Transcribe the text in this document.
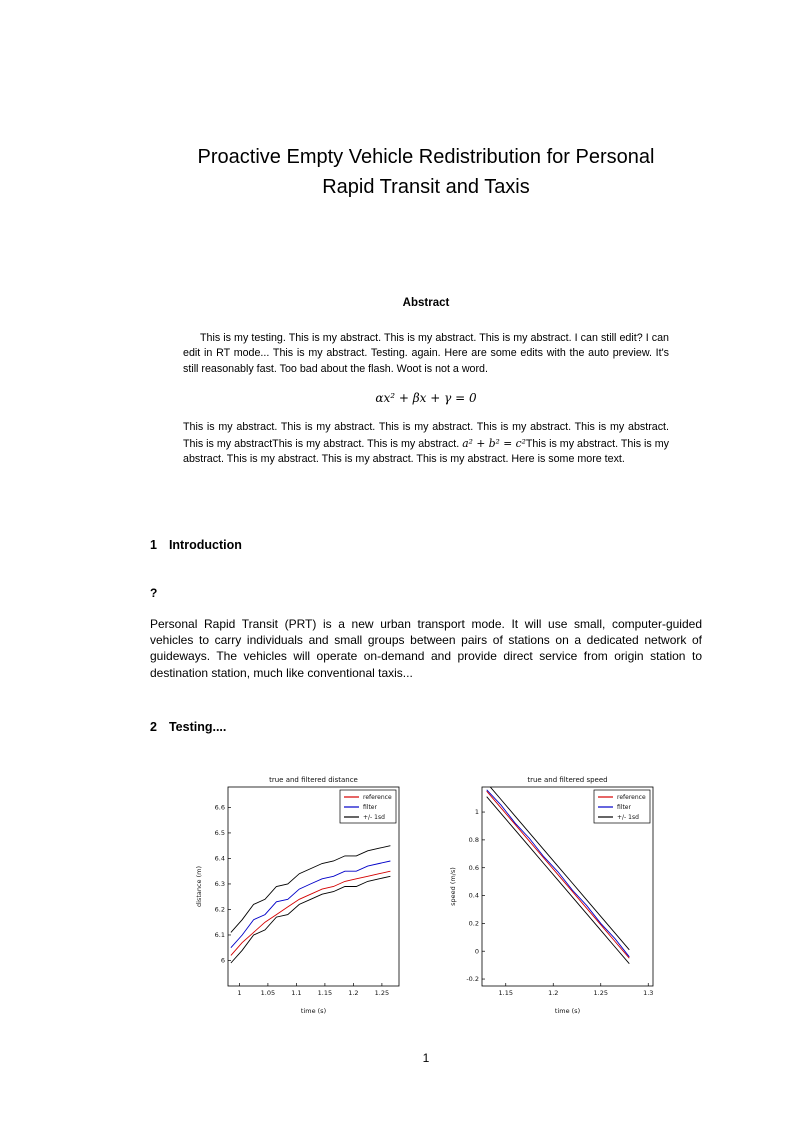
Proactive Empty Vehicle Redistribution for Personal
Rapid Transit and Taxis
Abstract

This is my testing. This is my abstract. This is my abstract. This is my abstract. I can still edit? I can edit in RT mode... This is my abstract. Testing. again. Here are some edits with the auto preview. It's still reasonably fast. Too bad about the flash. Woot is not a word.

αx² + βx + γ = 0

This is my abstract. This is my abstract. This is my abstract. This is my abstract. This is my abstract. This is my abstractThis is my abstract. This is my abstract. a² + b² = c²This is my abstract. This is my abstract. This is my abstract. This is my abstract. This is my abstract. Here is some more text.

1 Introduction
?

Personal Rapid Transit (PRT) is a new urban transport mode. It will use small, computer-guided vehicles to carry individuals and small groups between pairs of stations on a dedicated network of guideways. The vehicles will operate on-demand and provide direct service from origin station to destination station, much like conventional taxis...

2 Testing....
1	1.05 1.1 1.15 1.2 1.25
6
6.1
6.2
6.3
6.4
6.5
6.6
true and filtered distance
time (s)
distance (m)
reference
filter
+/- 1sd
1.15	1.2	1.25	1.3
-0.2
0
0.2
0.4
0.6
0.8
1
true and filtered speed
time (s)
speed (m/s)
reference
filter
+/- 1sd
1
